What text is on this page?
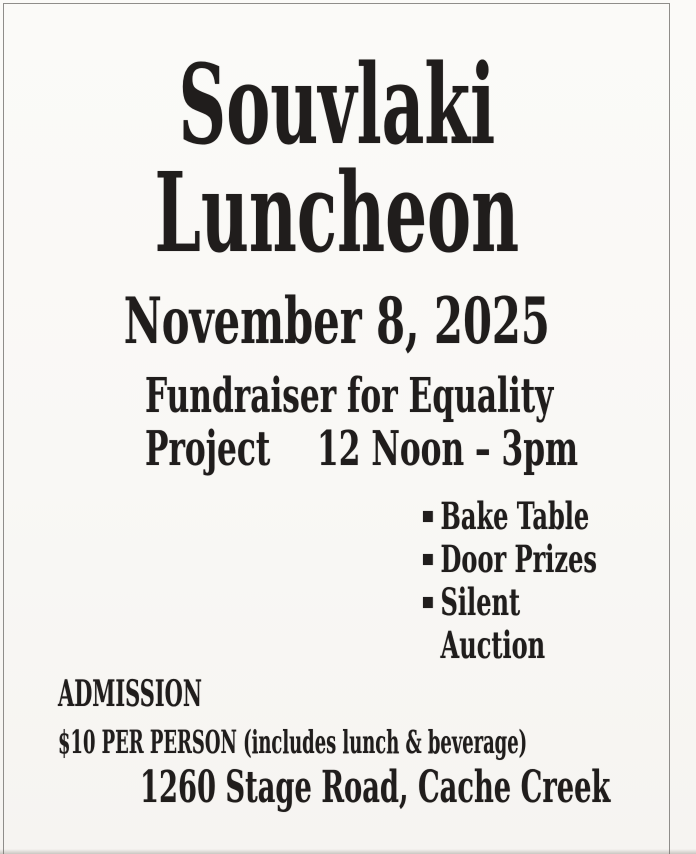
Souvlaki
Luncheon
November 8, 2025
Fundraiser for Equality
Project 12 Noon – 3pm
Bake Table
Door Prizes
Silent Auction
ADMISSION
$10 PER PERSON (includes lunch & beverage)
1260 Stage Road, Cache Creek
